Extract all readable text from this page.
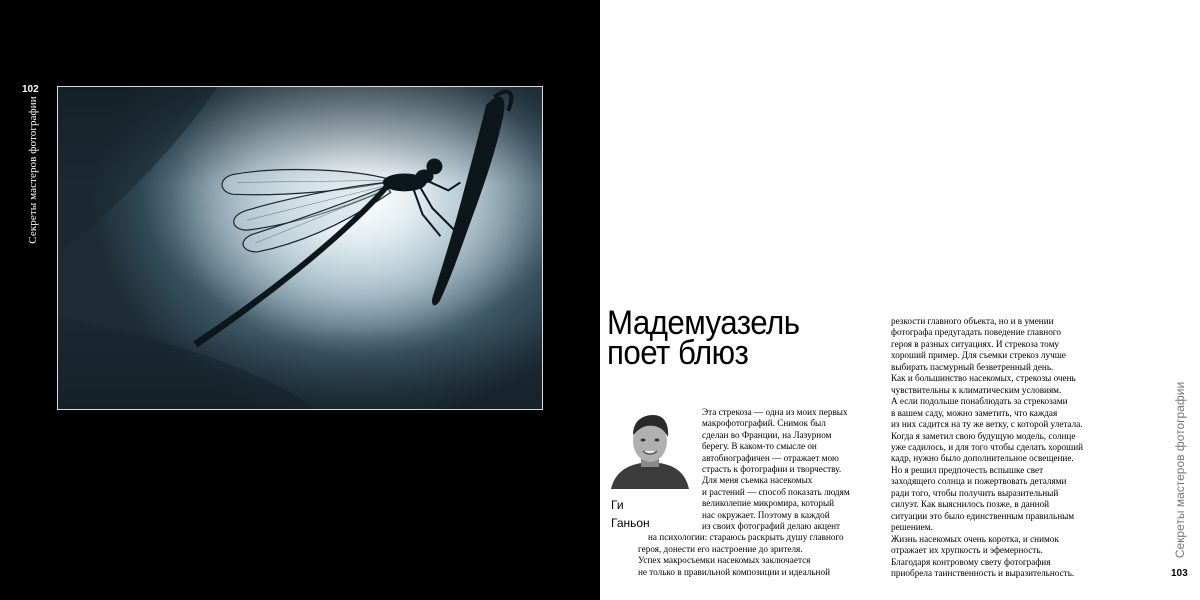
102
Секреты мастеров фотографии
Мадемуазель
поет блюз
Ги
Ганьон
Эта стрекоза — одна из моих первых
макрофотографий. Снимок был
сделан во Франции, на Лазурном
берегу. В каком-то смысле он
автобиографичен — отражает мою
страсть к фотографии и творчеству.
Для меня съемка насекомых
и растений — способ показать людям
великолепие микромира, который
нас окружает. Поэтому в каждой
из своих фотографий делаю акцент
на психологии: стараюсь раскрыть душу главного
героя, донести его настроение до зрителя.
Успех макросъемки насекомых заключается
не только в правильной композиции и идеальной
резкости главного объекта, но и в умении
фотографа предугадать поведение главного
героя в разных ситуациях. И стрекоза тому
хороший пример. Для съемки стрекоз лучше
выбирать пасмурный безветренный день.
Как и большинство насекомых, стрекозы очень
чувствительны к климатическим условиям.
А если подольше понаблюдать за стрекозами
в вашем саду, можно заметить, что каждая
из них садится на ту же ветку, с которой улетала.
Когда я заметил свою будущую модель, солнце
уже садилось, и для того чтобы сделать хороший
кадр, нужно было дополнительное освещение.
Но я решил предпочесть вспышке свет
заходящего солнца и пожертвовать деталями
ради того, чтобы получить выразительный
силуэт. Как выяснилось позже, в данной
ситуации это было единственным правильным
решением.
Жизнь насекомых очень коротка, и снимок
отражает их хрупкость и эфемерность.
Благодаря контровому свету фотография
приобрела таинственность и выразительность.
Секреты мастеров фотографии
103
